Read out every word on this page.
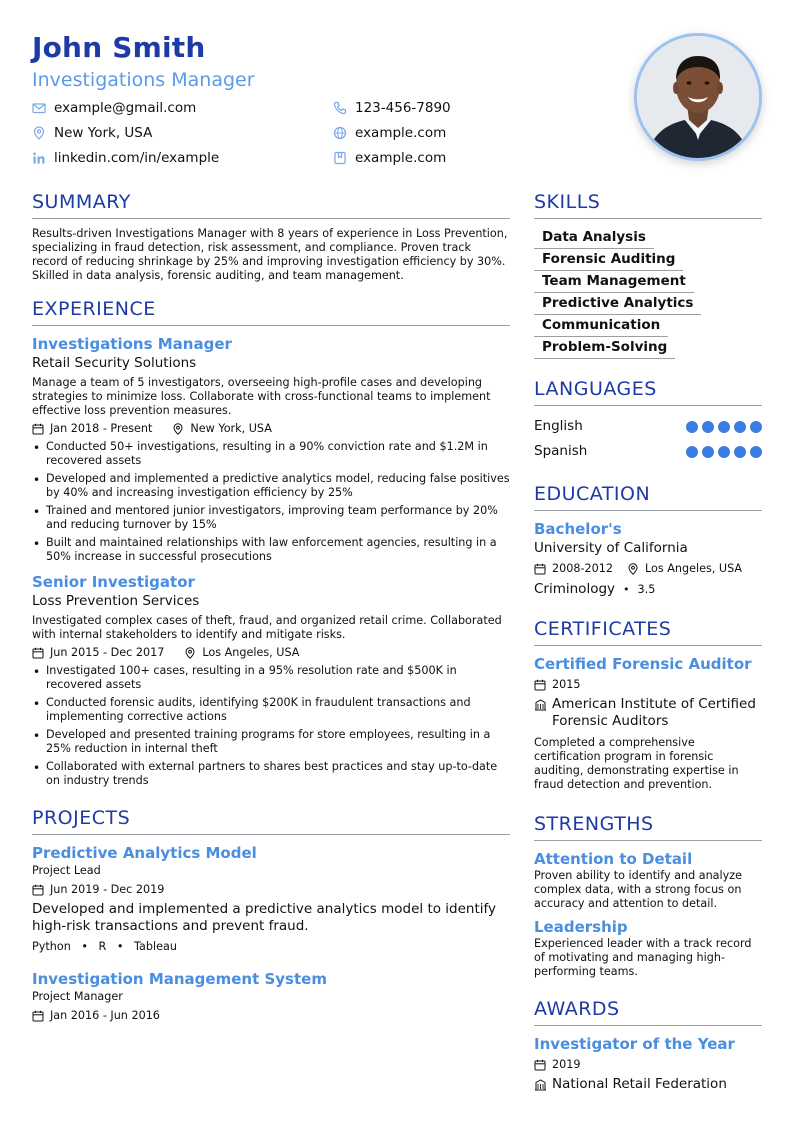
John Smith
Investigations Manager
example@gmail.com	123-456-7890
New York, USA	example.com
linkedin.com/in/example	example.com
SUMMARY
Results-driven Investigations Manager with 8 years of experience in Loss Prevention, specializing in fraud detection, risk assessment, and compliance. Proven track record of reducing shrinkage by 25% and improving investigation efficiency by 30%. Skilled in data analysis, forensic auditing, and team management.
EXPERIENCE
Investigations Manager
Retail Security Solutions
Manage a team of 5 investigators, overseeing high-profile cases and developing strategies to minimize loss. Collaborate with cross-functional teams to implement effective loss prevention measures.
Jan 2018 - Present	New York, USA
• Conducted 50+ investigations, resulting in a 90% conviction rate and $1.2M in recovered assets
• Developed and implemented a predictive analytics model, reducing false positives by 40% and increasing investigation efficiency by 25%
• Trained and mentored junior investigators, improving team performance by 20% and reducing turnover by 15%
• Built and maintained relationships with law enforcement agencies, resulting in a 50% increase in successful prosecutions
Senior Investigator
Loss Prevention Services
Investigated complex cases of theft, fraud, and organized retail crime. Collaborated with internal stakeholders to identify and mitigate risks.
Jun 2015 - Dec 2017	Los Angeles, USA
• Investigated 100+ cases, resulting in a 95% resolution rate and $500K in recovered assets
• Conducted forensic audits, identifying $200K in fraudulent transactions and implementing corrective actions
• Developed and presented training programs for store employees, resulting in a 25% reduction in internal theft
• Collaborated with external partners to shares best practices and stay up-to-date on industry trends
PROJECTS
Predictive Analytics Model
Project Lead
Jun 2019 - Dec 2019
Developed and implemented a predictive analytics model to identify high-risk transactions and prevent fraud.
Python • R • Tableau
Investigation Management System
Project Manager
Jan 2016 - Jun 2016
SKILLS
Data Analysis
Forensic Auditing
Team Management
Predictive Analytics
Communication
Problem-Solving
LANGUAGES
English
Spanish
EDUCATION
Bachelor's
University of California
2008-2012	Los Angeles, USA
Criminology • 3.5
CERTIFICATES
Certified Forensic Auditor
2015
American Institute of Certified Forensic Auditors
Completed a comprehensive certification program in forensic auditing, demonstrating expertise in fraud detection and prevention.
STRENGTHS
Attention to Detail
Proven ability to identify and analyze complex data, with a strong focus on accuracy and attention to detail.
Leadership
Experienced leader with a track record of motivating and managing high-performing teams.
AWARDS
Investigator of the Year
2019
National Retail Federation
